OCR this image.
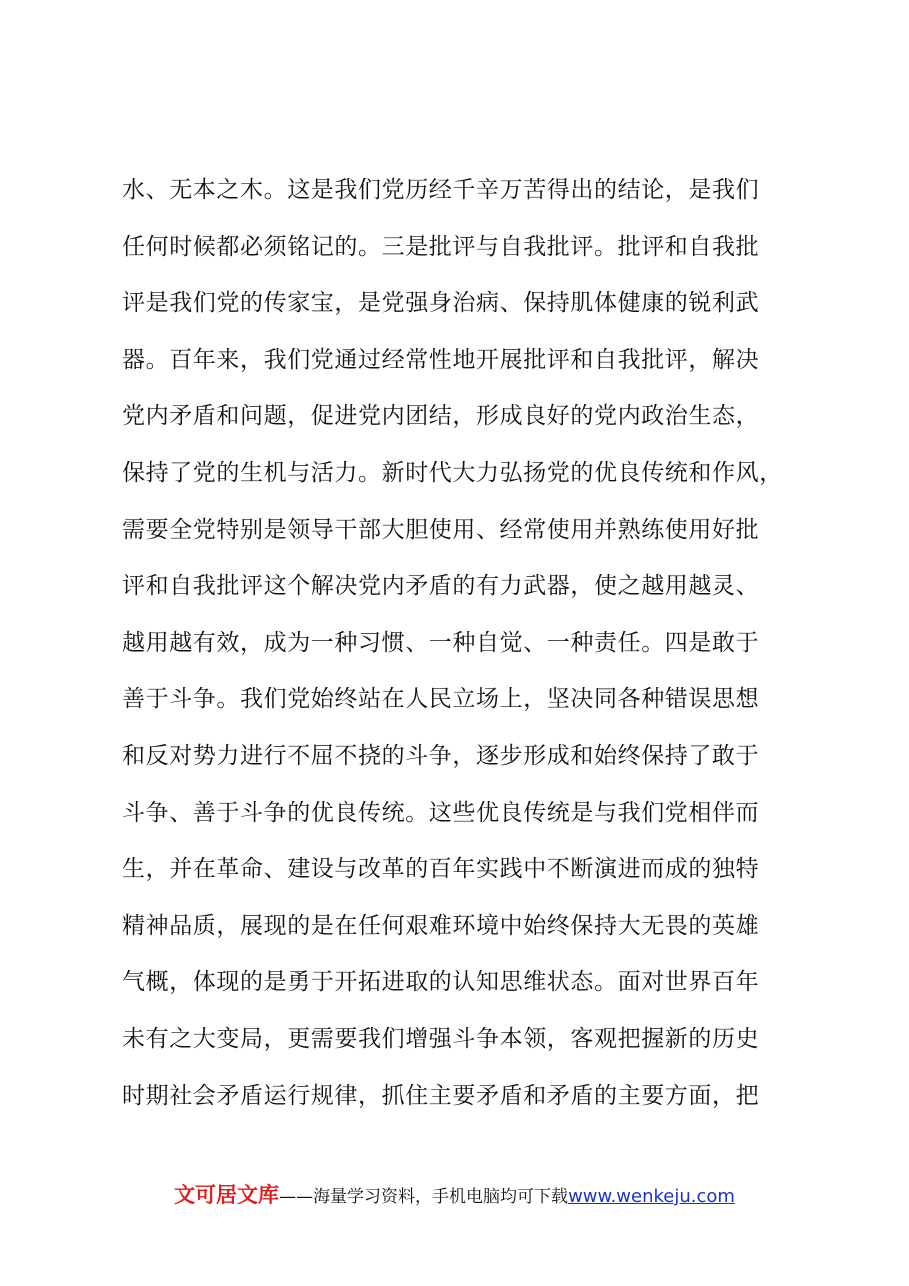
水、无本之木。这是我们党历经千辛万苦得出的结论，是我们
任何时候都必须铭记的。三是批评与自我批评。批评和自我批
评是我们党的传家宝，是党强身治病、保持肌体健康的锐利武
器。百年来，我们党通过经常性地开展批评和自我批评，解决
党内矛盾和问题，促进党内团结，形成良好的党内政治生态，
保持了党的生机与活力。新时代大力弘扬党的优良传统和作风，
需要全党特别是领导干部大胆使用、经常使用并熟练使用好批
评和自我批评这个解决党内矛盾的有力武器，使之越用越灵、
越用越有效，成为一种习惯、一种自觉、一种责任。四是敢于
善于斗争。我们党始终站在人民立场上，坚决同各种错误思想
和反对势力进行不屈不挠的斗争，逐步形成和始终保持了敢于
斗争、善于斗争的优良传统。这些优良传统是与我们党相伴而
生，并在革命、建设与改革的百年实践中不断演进而成的独特
精神品质，展现的是在任何艰难环境中始终保持大无畏的英雄
气概，体现的是勇于开拓进取的认知思维状态。面对世界百年
未有之大变局，更需要我们增强斗争本领，客观把握新的历史
时期社会矛盾运行规律，抓住主要矛盾和矛盾的主要方面，把
文可居文库——海量学习资料，手机电脑均可下载www.wenkeju.com
